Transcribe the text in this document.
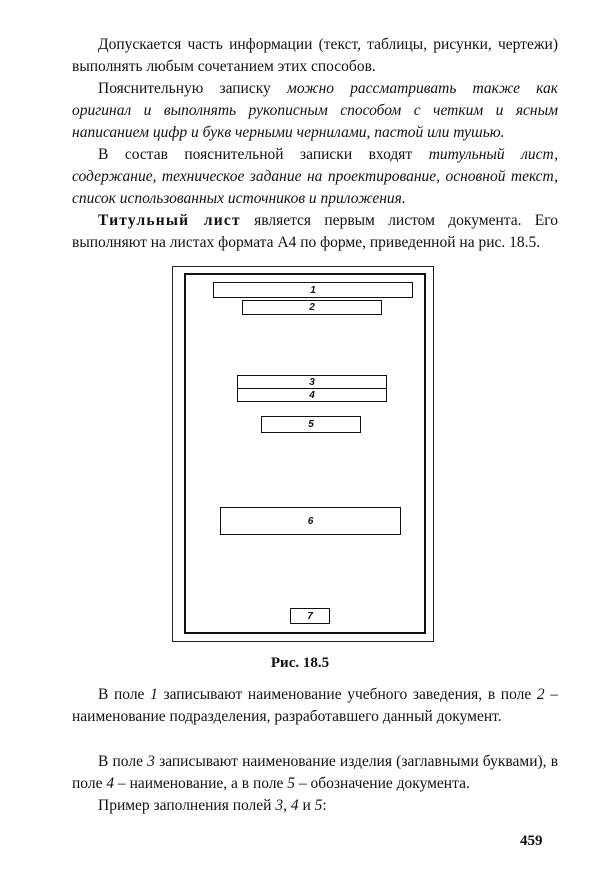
Допускается часть информации (текст, таблицы, рисунки, чертежи) выполнять любым сочетанием этих способов.

Пояснительную записку можно рассматривать также как оригинал и выполнять рукописным способом с четким и ясным написанием цифр и букв черными чернилами, пастой или тушью.

В состав пояснительной записки входят титульный лист, содержание, техническое задание на проектирование, основной текст, список использованных источников и приложения.

Титульный лист является первым листом документа. Его выполняют на листах формата А4 по форме, приведенной на рис. 18.5.

1
2
3
4
5
6
7
Рис. 18.5

В поле 1 записывают наименование учебного заведения, в поле 2 – наименование подразделения, разработавшего данный документ.

В поле 3 записывают наименование изделия (заглавными буквами), в поле 4 – наименование, а в поле 5 – обозначение документа.

Пример заполнения полей 3, 4 и 5:

459
